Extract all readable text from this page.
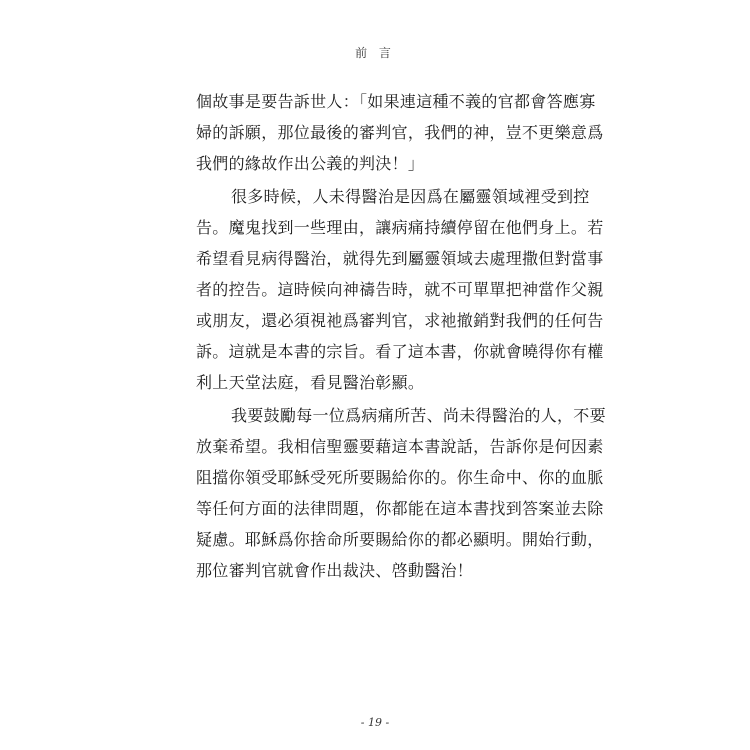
前 言
個故事是要告訴世人：「如果連這種不義的官都會答應寡
婦的訴願，那位最後的審判官，我們的神，豈不更樂意爲
我們的緣故作出公義的判決！」
很多時候，人未得醫治是因爲在屬靈領域裡受到控
告。魔鬼找到一些理由，讓病痛持續停留在他們身上。若
希望看見病得醫治，就得先到屬靈領域去處理撒但對當事
者的控告。這時候向神禱告時，就不可單單把神當作父親
或朋友，還必須視祂爲審判官，求祂撤銷對我們的任何告
訴。這就是本書的宗旨。看了這本書，你就會曉得你有權
利上天堂法庭，看見醫治彰顯。
我要鼓勵每一位爲病痛所苦、尚未得醫治的人，不要
放棄希望。我相信聖靈要藉這本書說話，告訴你是何因素
阻擋你領受耶穌受死所要賜給你的。你生命中、你的血脈
等任何方面的法律問題，你都能在這本書找到答案並去除
疑慮。耶穌爲你捨命所要賜給你的都必顯明。開始行動，
那位審判官就會作出裁決、啓動醫治！
- 19 -
